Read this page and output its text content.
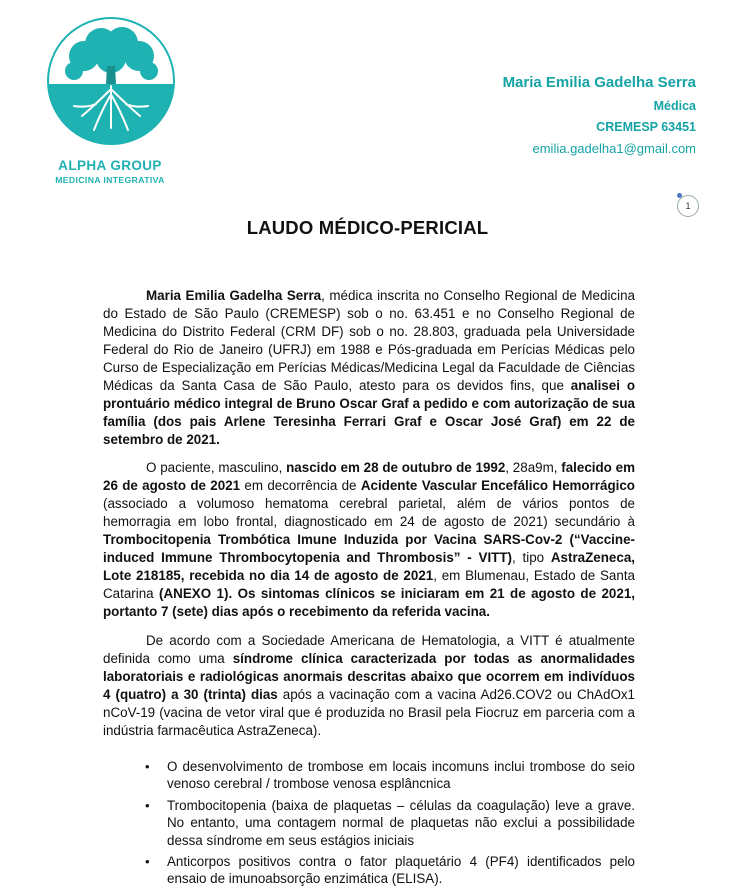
ALPHA GROUP
MEDICINA INTEGRATIVA
Maria Emilia Gadelha Serra
Médica
CREMESP 63451
emilia.gadelha1@gmail.com
1
LAUDO MÉDICO-PERICIAL
Maria Emilia Gadelha Serra, médica inscrita no Conselho Regional de Medicina do Estado de São Paulo (CREMESP) sob o no. 63.451 e no Conselho Regional de Medicina do Distrito Federal (CRM DF) sob o no. 28.803, graduada pela Universidade Federal do Rio de Janeiro (UFRJ) em 1988 e Pós-graduada em Perícias Médicas pelo Curso de Especialização em Perícias Médicas/Medicina Legal da Faculdade de Ciências Médicas da Santa Casa de São Paulo, atesto para os devidos fins, que analisei o prontuário médico integral de Bruno Oscar Graf a pedido e com autorização de sua família (dos pais Arlene Teresinha Ferrari Graf e Oscar José Graf) em 22 de setembro de 2021.
O paciente, masculino, nascido em 28 de outubro de 1992, 28a9m, falecido em 26 de agosto de 2021 em decorrência de Acidente Vascular Encefálico Hemorrágico (associado a volumoso hematoma cerebral parietal, além de vários pontos de hemorragia em lobo frontal, diagnosticado em 24 de agosto de 2021) secundário à Trombocitopenia Trombótica Imune Induzida por Vacina SARS-Cov-2 (“Vaccine-induced Immune Thrombocytopenia and Thrombosis” - VITT), tipo AstraZeneca, Lote 218185, recebida no dia 14 de agosto de 2021, em Blumenau, Estado de Santa Catarina (ANEXO 1). Os sintomas clínicos se iniciaram em 21 de agosto de 2021, portanto 7 (sete) dias após o recebimento da referida vacina.
De acordo com a Sociedade Americana de Hematologia, a VITT é atualmente definida como uma síndrome clínica caracterizada por todas as anormalidades laboratoriais e radiológicas anormais descritas abaixo que ocorrem em indivíduos 4 (quatro) a 30 (trinta) dias após a vacinação com a vacina Ad26.COV2 ou ChAdOx1 nCoV-19 (vacina de vetor viral que é produzida no Brasil pela Fiocruz em parceria com a indústria farmacêutica AstraZeneca).
• O desenvolvimento de trombose em locais incomuns inclui trombose do seio venoso cerebral / trombose venosa esplâncnica
• Trombocitopenia (baixa de plaquetas – células da coagulação) leve a grave. No entanto, uma contagem normal de plaquetas não exclui a possibilidade dessa síndrome em seus estágios iniciais
• Anticorpos positivos contra o fator plaquetário 4 (PF4) identificados pelo ensaio de imunoabsorção enzimática (ELISA).
